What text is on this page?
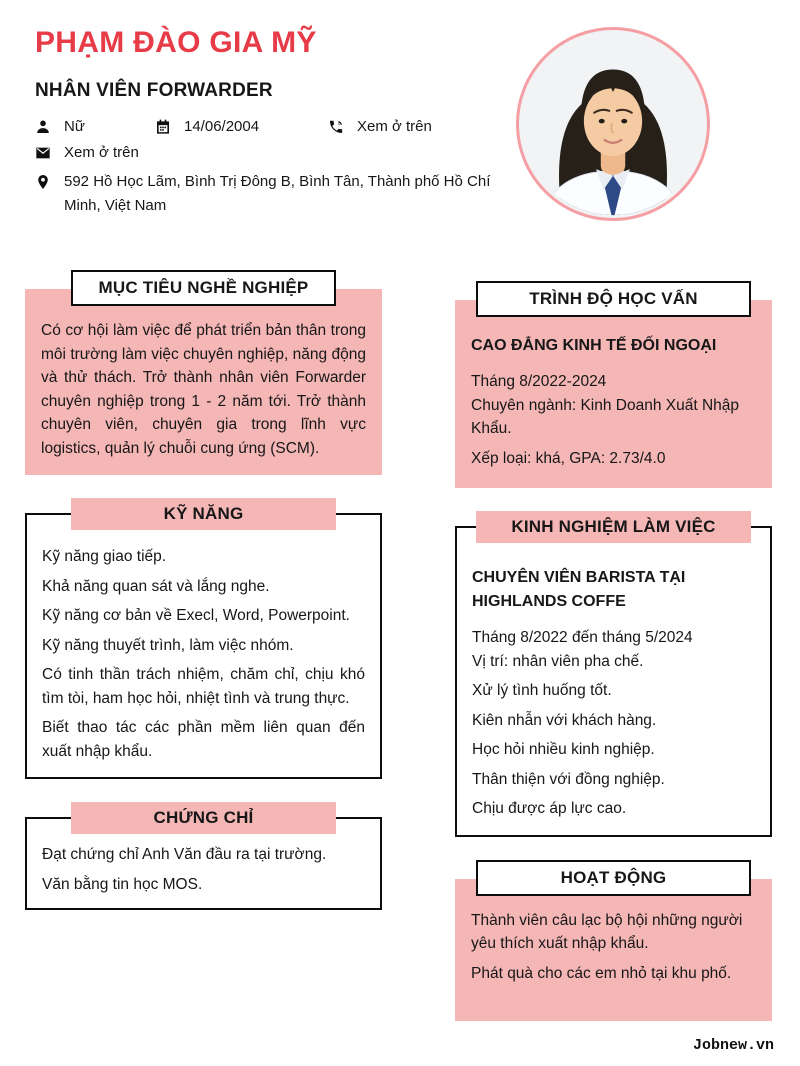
PHẠM ĐÀO GIA MỸ
NHÂN VIÊN FORWARDER
Nữ	14/06/2004	Xem ở trên
Xem ở trên
592 Hồ Học Lãm, Bình Trị Đông B, Bình Tân, Thành phố Hồ Chí Minh, Việt Nam
MỤC TIÊU NGHỀ NGHIỆP

Có cơ hội làm việc để phát triển bản thân trong môi trường làm việc chuyên nghiệp, năng động và thử thách. Trở thành nhân viên Forwarder chuyên nghiệp trong 1 - 2 năm tới. Trở thành chuyên viên, chuyên gia trong lĩnh vực logistics, quản lý chuỗi cung ứng (SCM).

KỸ NĂNG

Kỹ năng giao tiếp.

Khả năng quan sát và lắng nghe.

Kỹ năng cơ bản về Execl, Word, Powerpoint.

Kỹ năng thuyết trình, làm việc nhóm.

Có tinh thần trách nhiệm, chăm chỉ, chịu khó tìm tòi, ham học hỏi, nhiệt tình và trung thực.

Biết thao tác các phần mềm liên quan đến xuất nhập khẩu.

CHỨNG CHỈ

Đạt chứng chỉ Anh Văn đầu ra tại trường.

Văn bằng tin học MOS.

TRÌNH ĐỘ HỌC VẤN
CAO ĐẲNG KINH TẾ ĐỐI NGOẠI

Tháng 8/2022-2024

Chuyên ngành: Kinh Doanh Xuất Nhập Khẩu.

Xếp loại: khá, GPA: 2.73/4.0

KINH NGHIỆM LÀM VIỆC
CHUYÊN VIÊN BARISTA TẠI HIGHLANDS COFFE

Tháng 8/2022 đến tháng 5/2024

Vị trí: nhân viên pha chế.

Xử lý tình huống tốt.

Kiên nhẫn với khách hàng.

Học hỏi nhiều kinh nghiệp.

Thân thiện với đồng nghiệp.

Chịu được áp lực cao.

HOẠT ĐỘNG

Thành viên câu lạc bộ hội những người yêu thích xuất nhập khẩu.

Phát quà cho các em nhỏ tại khu phố.

Jobnew.vn
